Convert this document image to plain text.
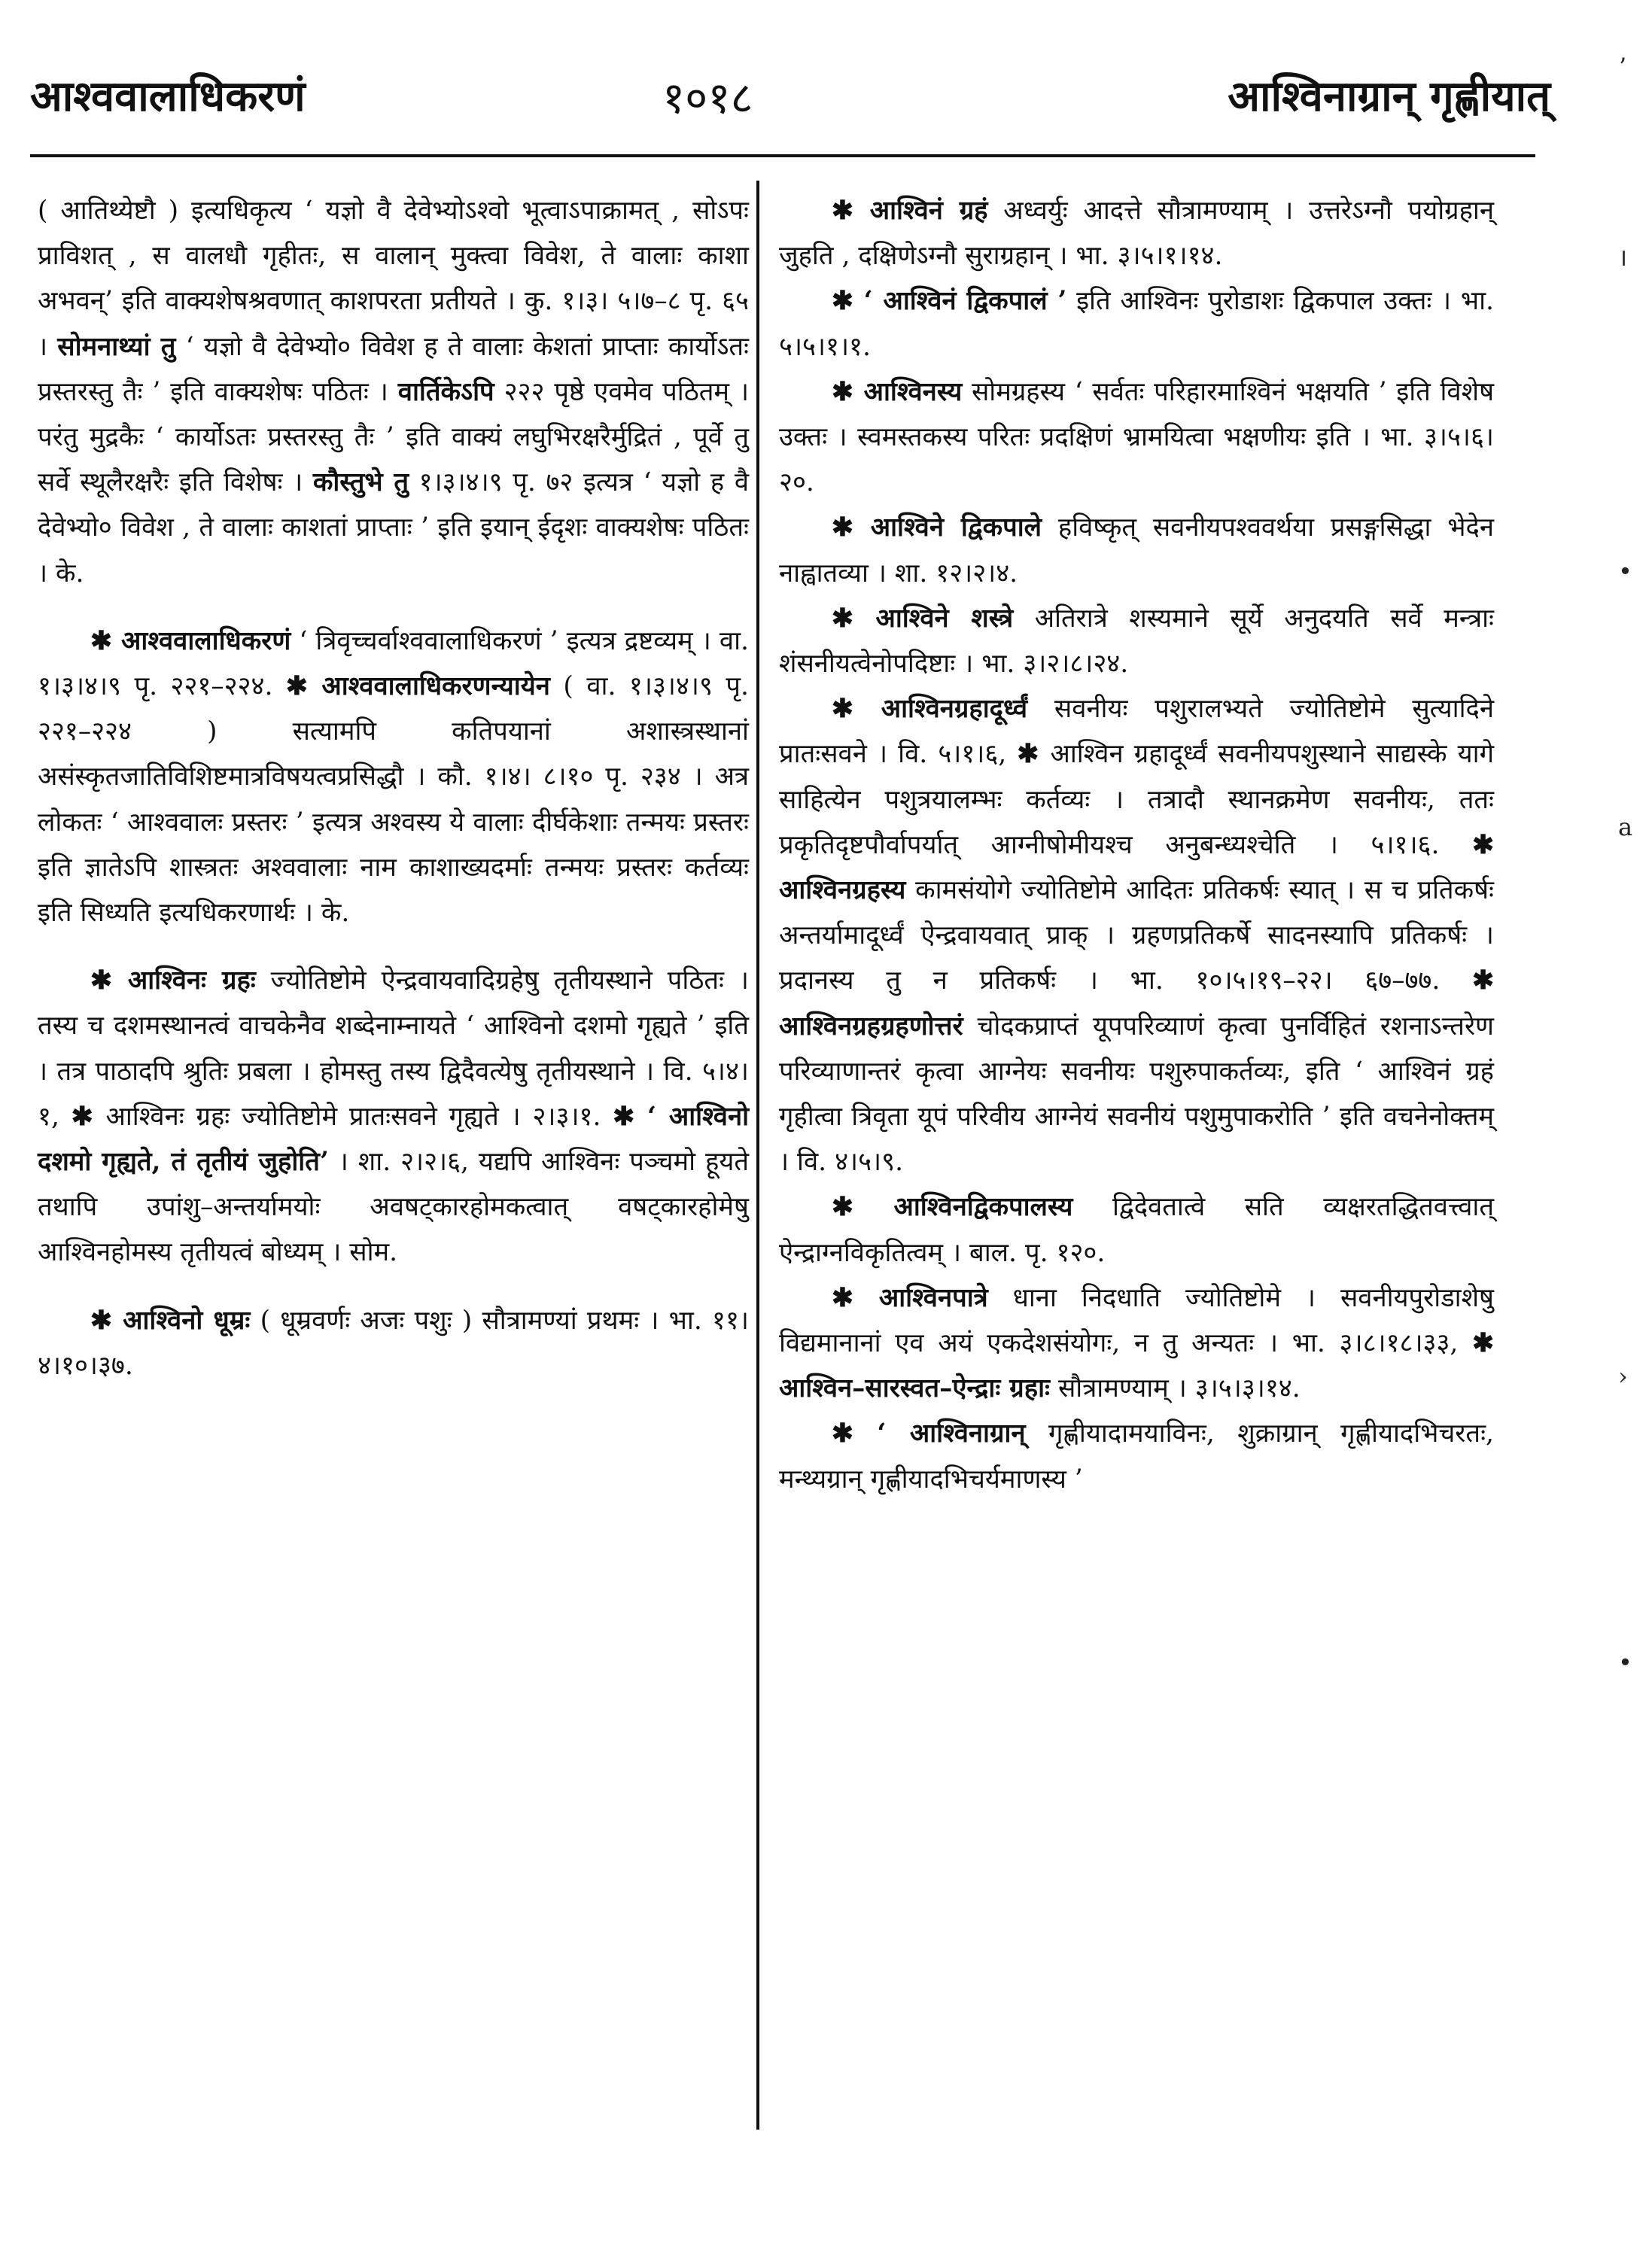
आश्ववालाधिकरणं	१०१८	आश्विनाग्रान् गृह्णीयात्
ʼ
।
•
a
›
•

( आतिथ्येष्टौ ) इत्यधिकृत्य ‘ यज्ञो वै देवेभ्योऽश्वो भूत्वाऽपाक्रामत् , सोऽपः प्राविशत् , स वालधौ गृहीतः, स वालान् मुक्त्वा विवेश, ते वालाः काशा अभवन्’ इति वाक्यशेषश्रवणात् काशपरता प्रतीयते । कु. १।३। ५।७–८ पृ. ६५ । सोमनाथ्यां तु ‘ यज्ञो वै देवेभ्यो० विवेश ह ते वालाः केशतां प्राप्ताः कार्योऽतः प्रस्तरस्तु तैः ’ इति वाक्यशेषः पठितः । वार्तिकेऽपि २२२ पृष्ठे एवमेव पठितम् । परंतु मुद्रकैः ‘ कार्योऽतः प्रस्तरस्तु तैः ’ इति वाक्यं लघुभिरक्षरैर्मुद्रितं , पूर्वे तु सर्वे स्थूलैरक्षरैः इति विशेषः । कौस्तुभे तु १।३।४।९ पृ. ७२ इत्यत्र ‘ यज्ञो ह वै देवेभ्यो० विवेश , ते वालाः काशतां प्राप्ताः ’ इति इयान् ईदृशः वाक्यशेषः पठितः । के.

✱ आश्ववालाधिकरणं ‘ त्रिवृच्चर्वाश्ववालाधिकरणं ’ इत्यत्र द्रष्टव्यम् । वा. १।३।४।९ पृ. २२१–२२४. ✱ आश्ववालाधिकरणन्यायेन ( वा. १।३।४।९ पृ. २२१–२२४ ) सत्यामपि कतिपयानां अशास्त्रस्थानां असंस्कृतजातिविशिष्टमात्रविषयत्वप्रसिद्धौ । कौ. १।४। ८।१० पृ. २३४ । अत्र लोकतः ‘ आश्ववालः प्रस्तरः ’ इत्यत्र अश्वस्य ये वालाः दीर्घकेशाः तन्मयः प्रस्तरः इति ज्ञातेऽपि शास्त्रतः अश्ववालाः नाम काशाख्यदर्माः तन्मयः प्रस्तरः कर्तव्यः इति सिध्यति इत्यधिकरणार्थः । के.

✱ आश्विनः ग्रहः ज्योतिष्टोमे ऐन्द्रवायवादिग्रहेषु तृतीयस्थाने पठितः । तस्य च दशमस्थानत्वं वाचकेनैव शब्देनाम्नायते ‘ आश्विनो दशमो गृह्यते ’ इति । तत्र पाठादपि श्रुतिः प्रबला । होमस्तु तस्य द्विदैवत्येषु तृतीयस्थाने । वि. ५।४।१, ✱ आश्विनः ग्रहः ज्योतिष्टोमे प्रातःसवने गृह्यते । २।३।१. ✱ ‘ आश्विनो दशमो गृह्यते, तं तृतीयं जुहोति’ । शा. २।२।६, यद्यपि आश्विनः पञ्चमो हूयते तथापि उपांशु–अन्तर्यामयोः अवषट्कारहोमकत्वात् वषट्कारहोमेषु आश्विनहोमस्य तृतीयत्वं बोध्यम् । सोम.

✱ आश्विनो धूम्रः ( धूम्रवर्णः अजः पशुः ) सौत्रामण्यां प्रथमः । भा. ११।४।१०।३७.

✱ आश्विनं ग्रहं अध्वर्युः आदत्ते सौत्रामण्याम् । उत्तरेऽग्नौ पयोग्रहान् जुहति , दक्षिणेऽग्नौ सुराग्रहान् । भा. ३।५।१।१४.

✱ ‘ आश्विनं द्विकपालं ’ इति आश्विनः पुरोडाशः द्विकपाल उक्तः । भा. ५।५।१।१.

✱ आश्विनस्य सोमग्रहस्य ‘ सर्वतः परिहारमाश्विनं भक्षयति ’ इति विशेष उक्तः । स्वमस्तकस्य परितः प्रदक्षिणं भ्रामयित्वा भक्षणीयः इति । भा. ३।५।६।२०.

✱ आश्विने द्विकपाले हविष्कृत् सवनीयपश्ववर्थया प्रसङ्गसिद्धा भेदेन नाह्वातव्या । शा. १२।२।४.

✱ आश्विने शस्त्रे अतिरात्रे शस्यमाने सूर्ये अनुदयति सर्वे मन्त्राः शंसनीयत्वेनोपदिष्टाः । भा. ३।२।८।२४.

✱ आश्विनग्रहादूर्ध्वं सवनीयः पशुरालभ्यते ज्योतिष्टोमे सुत्यादिने प्रातःसवने । वि. ५।१।६, ✱ आश्विन ग्रहादूर्ध्वं सवनीयपशुस्थाने साद्यस्के यागे साहित्येन पशुत्रयालम्भः कर्तव्यः । तत्रादौ स्थानक्रमेण सवनीयः, ततः प्रकृतिदृष्टपौर्वापर्यात् आग्नीषोमीयश्च अनुबन्ध्यश्चेति । ५।१।६. ✱ आश्विनग्रहस्य कामसंयोगे ज्योतिष्टोमे आदितः प्रतिकर्षः स्यात् । स च प्रतिकर्षः अन्तर्यामादूर्ध्वं ऐन्द्रवायवात् प्राक् । ग्रहणप्रतिकर्षे सादनस्यापि प्रतिकर्षः । प्रदानस्य तु न प्रतिकर्षः । भा. १०।५।१९–२२। ६७–७७. ✱ आश्विनग्रहग्रहणोत्तरं चोदकप्राप्तं यूपपरिव्याणं कृत्वा पुनर्विहितं रशनाऽन्तरेण परिव्याणान्तरं कृत्वा आग्नेयः सवनीयः पशुरुपाकर्तव्यः, इति ‘ आश्विनं ग्रहं गृहीत्वा त्रिवृता यूपं परिवीय आग्नेयं सवनीयं पशुमुपाकरोति ’ इति वचनेनोक्तम् । वि. ४।५।९.

✱ आश्विनद्विकपालस्य द्विदेवतात्वे सति व्यक्षरतद्धितवत्त्वात् ऐन्द्राग्नविकृतित्वम् । बाल. पृ. १२०.

✱ आश्विनपात्रे धाना निदधाति ज्योतिष्टोमे । सवनीयपुरोडाशेषु विद्यमानानां एव अयं एकदेशसंयोगः, न तु अन्यतः । भा. ३।८।१८।३३, ✱ आश्विन–सारस्वत–ऐन्द्राः ग्रहाः सौत्रामण्याम् । ३।५।३।१४.

✱ ‘ आश्विनाग्रान् गृह्णीयादामयाविनः, शुक्राग्रान् गृह्णीयादभिचरतः, मन्थ्यग्रान् गृह्णीयादभिचर्यमाणस्य ’
